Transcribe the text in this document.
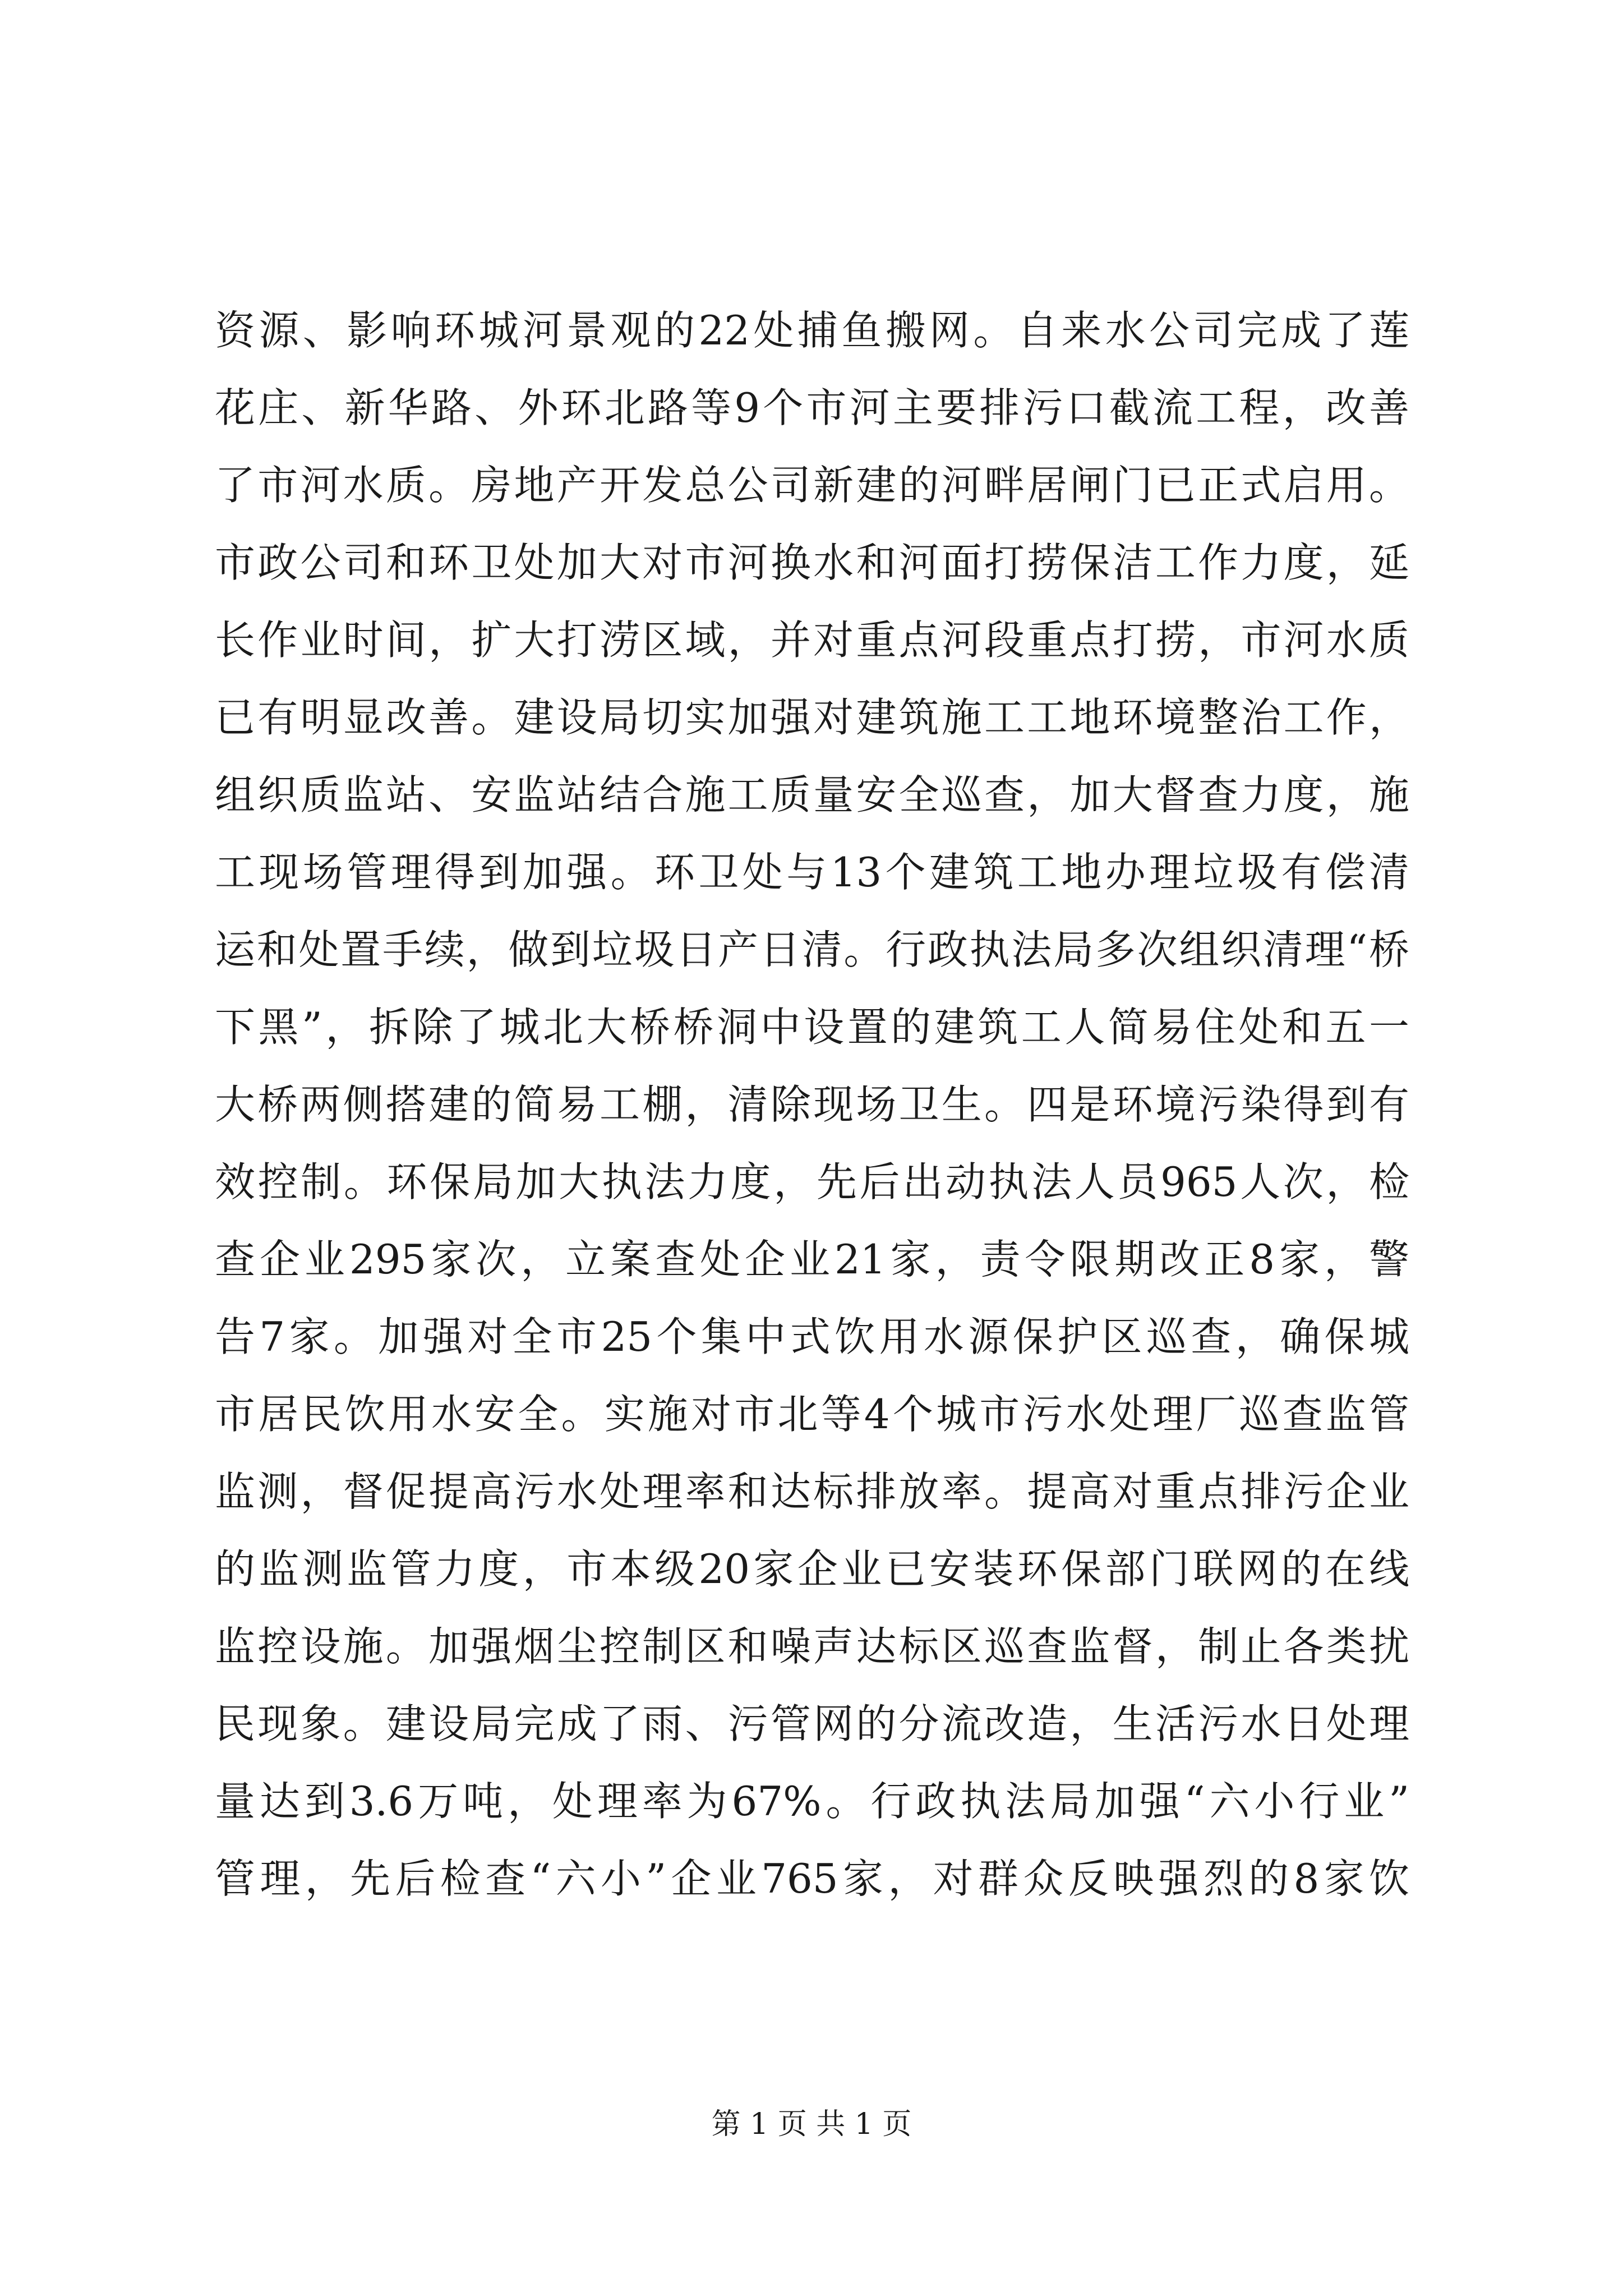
资源、影响环城河景观的22处捕鱼搬网。自来水公司完成了莲
花庄、新华路、外环北路等9个市河主要排污口截流工程，改善
了市河水质。房地产开发总公司新建的河畔居闸门已正式启用。
市政公司和环卫处加大对市河换水和河面打捞保洁工作力度，延
长作业时间，扩大打涝区域，并对重点河段重点打捞，市河水质
已有明显改善。建设局切实加强对建筑施工工地环境整治工作，
组织质监站、安监站结合施工质量安全巡查，加大督查力度，施
工现场管理得到加强。环卫处与13个建筑工地办理垃圾有偿清
运和处置手续，做到垃圾日产日清。行政执法局多次组织清理“桥
下黑”，拆除了城北大桥桥洞中设置的建筑工人简易住处和五一
大桥两侧搭建的简易工棚，清除现场卫生。四是环境污染得到有
效控制。环保局加大执法力度，先后出动执法人员965人次，检
查企业295家次，立案查处企业21家，责令限期改正8家，警
告7家。加强对全市25个集中式饮用水源保护区巡查，确保城
市居民饮用水安全。实施对市北等4个城市污水处理厂巡查监管
监测，督促提高污水处理率和达标排放率。提高对重点排污企业
的监测监管力度，市本级20家企业已安装环保部门联网的在线
监控设施。加强烟尘控制区和噪声达标区巡查监督，制止各类扰
民现象。建设局完成了雨、污管网的分流改造，生活污水日处理
量达到3.6万吨，处理率为67%。行政执法局加强“六小行业”
管理，先后检查“六小”企业765家，对群众反映强烈的8家饮
第 1 页 共 1 页
